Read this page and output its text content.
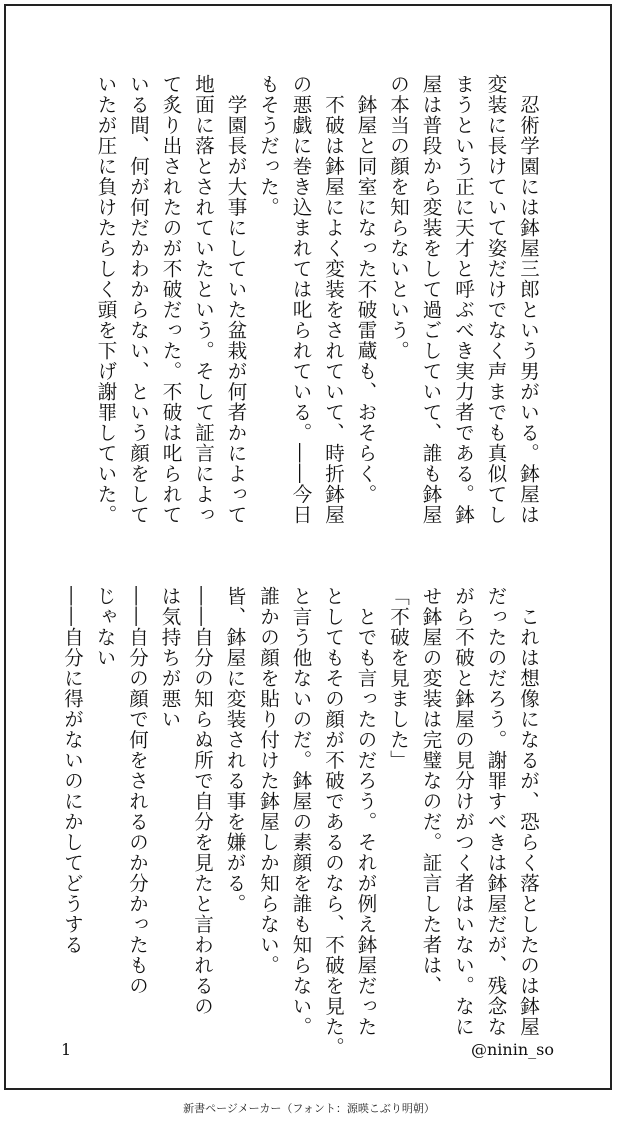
　忍術学園には鉢屋三郎という男がいる。鉢屋は
変装に長けていて姿だけでなく声までも真似てし
まうという正に天才と呼ぶべき実力者である。鉢
屋は普段から変装をして過ごしていて、誰も鉢屋
の本当の顔を知らないという。
　鉢屋と同室になった不破雷蔵も、おそらく。
　不破は鉢屋によく変装をされていて、時折鉢屋
の悪戯に巻き込まれては叱られている。――今日
もそうだった。
　学園長が大事にしていた盆栽が何者かによって
地面に落とされていたという。そして証言によっ
て炙り出されたのが不破だった。不破は叱られて
いる間、何が何だかわからない、という顔をして
いたが圧に負けたらしく頭を下げ謝罪していた。
　これは想像になるが、恐らく落としたのは鉢屋
だったのだろう。謝罪すべきは鉢屋だが、残念な
がら不破と鉢屋の見分けがつく者はいない。なに
せ鉢屋の変装は完璧なのだ。証言した者は、
「不破を見ました」
　とでも言ったのだろう。それが例え鉢屋だった
としてもその顔が不破であるのなら、不破を見た。
と言う他ないのだ。鉢屋の素顔を誰も知らない。
誰かの顔を貼り付けた鉢屋しか知らない。
皆、鉢屋に変装される事を嫌がる。
――自分の知らぬ所で自分を見たと言われるの
は気持ちが悪い
――自分の顔で何をされるのか分かったもの
じゃない
――自分に得がないのにかしてどうする
1	@ninin_so
新書ページメーカー（フォント：源暎こぶり明朝）
